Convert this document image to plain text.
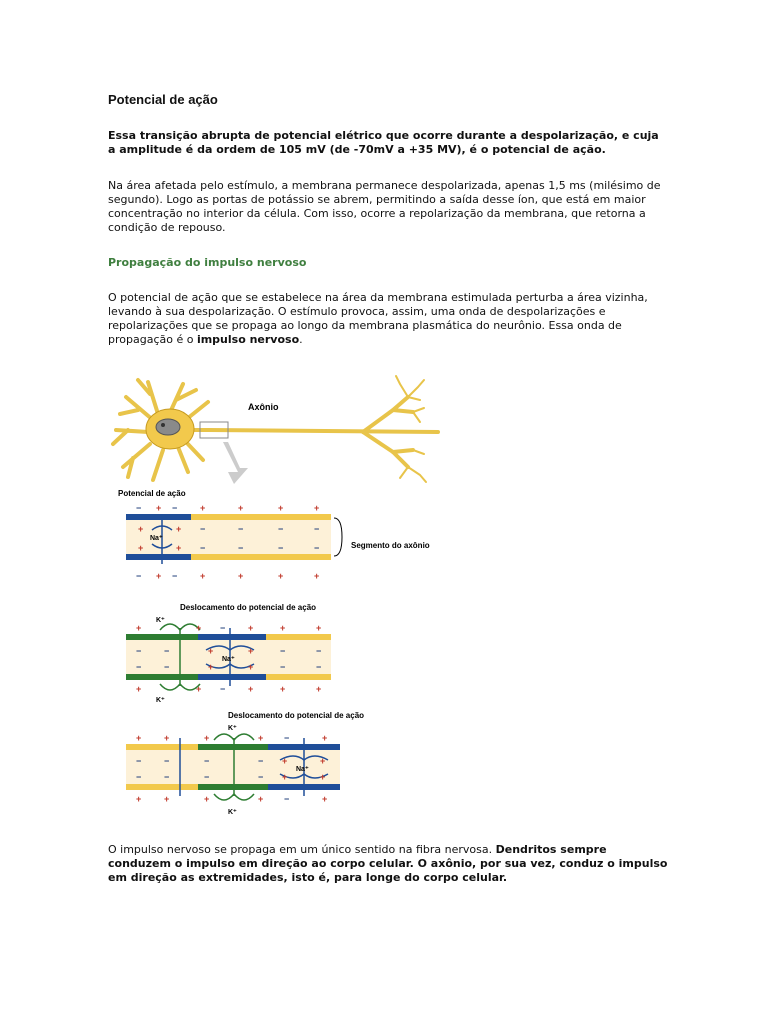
Potencial de ação
Essa transição abrupta de potencial elétrico que ocorre durante a despolarização, e cuja a amplitude é da ordem de 105 mV (de -70mV a +35 MV), é o potencial de ação.
Na área afetada pelo estímulo, a membrana permanece despolarizada, apenas 1,5 ms (milésimo de segundo). Logo as portas de potássio se abrem, permitindo a saída desse íon, que está em maior concentração no interior da célula. Com isso, ocorre a repolarização da membrana, que retorna a condição de repouso.
Propagação do impulso nervoso
O potencial de ação que se estabelece na área da membrana estimulada perturba a área vizinha, levando à sua despolarização. O estímulo provoca, assim, uma onda de despolarizações e repolarizações que se propaga ao longo da membrana plasmática do neurônio. Essa onda de propagação é o impulso nervoso.
Axônio
Potencial de ação
Segmento do axônio
Deslocamento do potencial de ação
Deslocamento do potencial de ação
Na⁺
+	+	+	+	+
+	+	+	+	+
+	+
+	+
−	−
−	−
−	−	−	−
−	−	−	−
K⁺
K⁺
Na⁺
+	+	+	+	+
+	+	+	+	+
+	+
+	+
−
−
−	−
−	−
−	−
−	−
K⁺
K⁺
Na⁺
+	+	+	+	+
+	+	+	+	+
+	+
+	+
−
−
−	−	−	−
−	−	−	−
O impulso nervoso se propaga em um único sentido na fibra nervosa. Dendritos sempre conduzem o impulso em direção ao corpo celular. O axônio, por sua vez, conduz o impulso em direção as extremidades, isto é, para longe do corpo celular.
